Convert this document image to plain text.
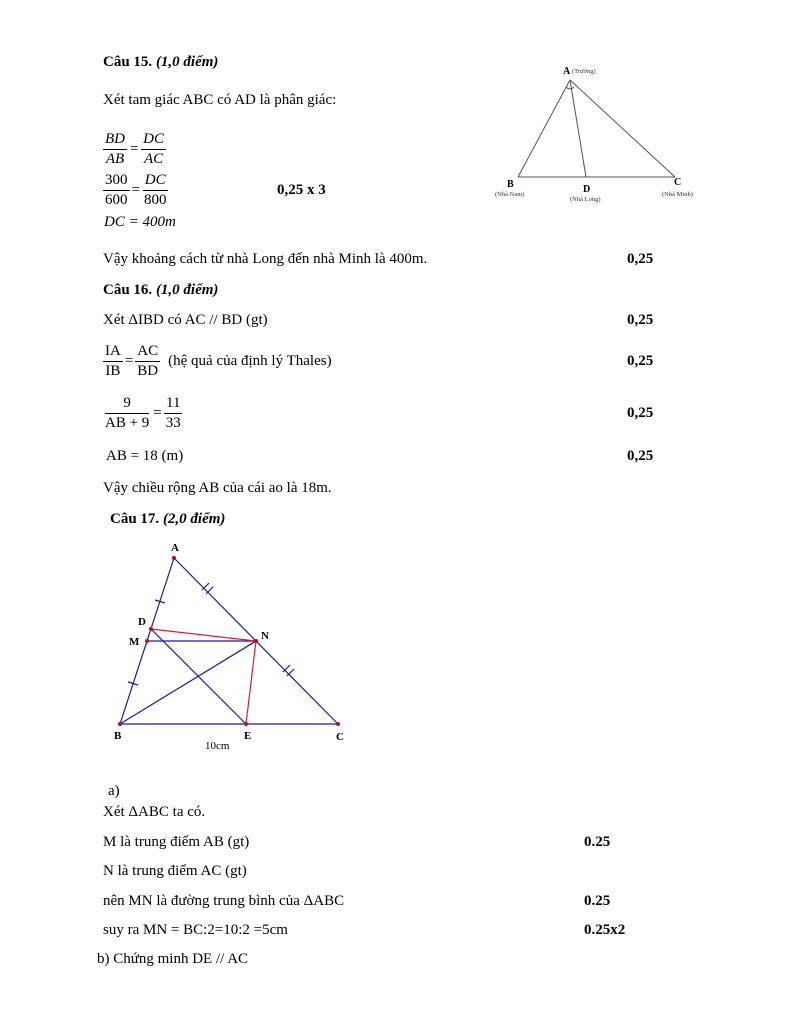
Câu 15. (1,0 điểm)
Xét tam giác ABC có AD là phân giác:
$\frac{BD}{AB} = \frac{DC}{AC}$
$\frac{300}{600} = \frac{DC}{800}$
DC = 400m
0,25 x 3
A (Trường)
B
(Nhà Nam)
C
(Nhà Minh)
D
(Nhà Long)
Vậy khoảng cách từ nhà Long đến nhà Minh là 400m.	0,25
Câu 16. (1,0 điểm)
Xét ΔIBD có AC // BD (gt)	0,25
$\frac{IA}{IB} = \frac{AC}{BD}$ (hệ quả của định lý Thales)	0,25
$\frac{9}{AB + 9} = \frac{11}{33}$	0,25
AB = 18 (m)	0,25
Vậy chiều rộng AB của cái ao là 18m.
Câu 17. (2,0 điểm)
A
B	C
D
E
M	N
10cm
a)
Xét ΔABC ta có.
M là trung điểm AB (gt)	0.25
N là trung điểm AC (gt)
nên MN là đường trung bình của ΔABC	0.25
suy ra MN = BC:2=10:2 =5cm	0.25x2
b) Chứng minh DE // AC
